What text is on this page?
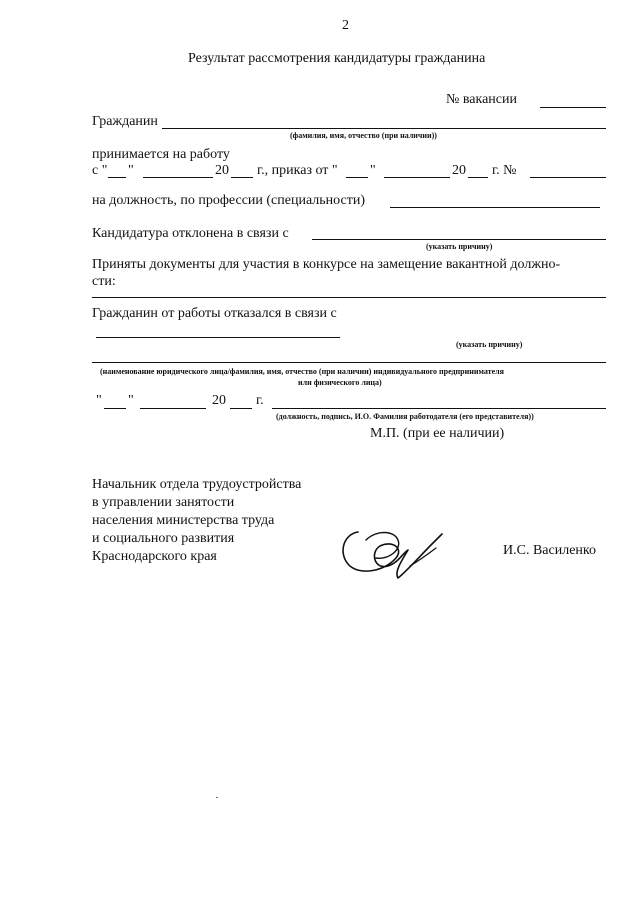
2
Результат рассмотрения кандидатуры гражданина
№ вакансии
Гражданин
(фамилия, имя, отчество (при наличии))
принимается на работу
с " "	20 г., приказ от " "	20 г. №
на должность, по профессии (специальности)
Кандидатура отклонена в связи с
(указать причину)
Приняты документы для участия в конкурсе на замещение вакантной должно-
сти:
Гражданин от работы отказался в связи с
(указать причину)
(наименование юридического лица/фамилия, имя, отчество (при наличии) индивидуального предпринимателя
или физического лица)
" "	20 г.
(должность, подпись, И.О. Фамилия работодателя (его представителя))
М.П. (при ее наличии)
Начальник отдела трудоустройства
в управлении занятости
населения министерства труда
и социального развития
Краснодарского края	И.С. Василенко
